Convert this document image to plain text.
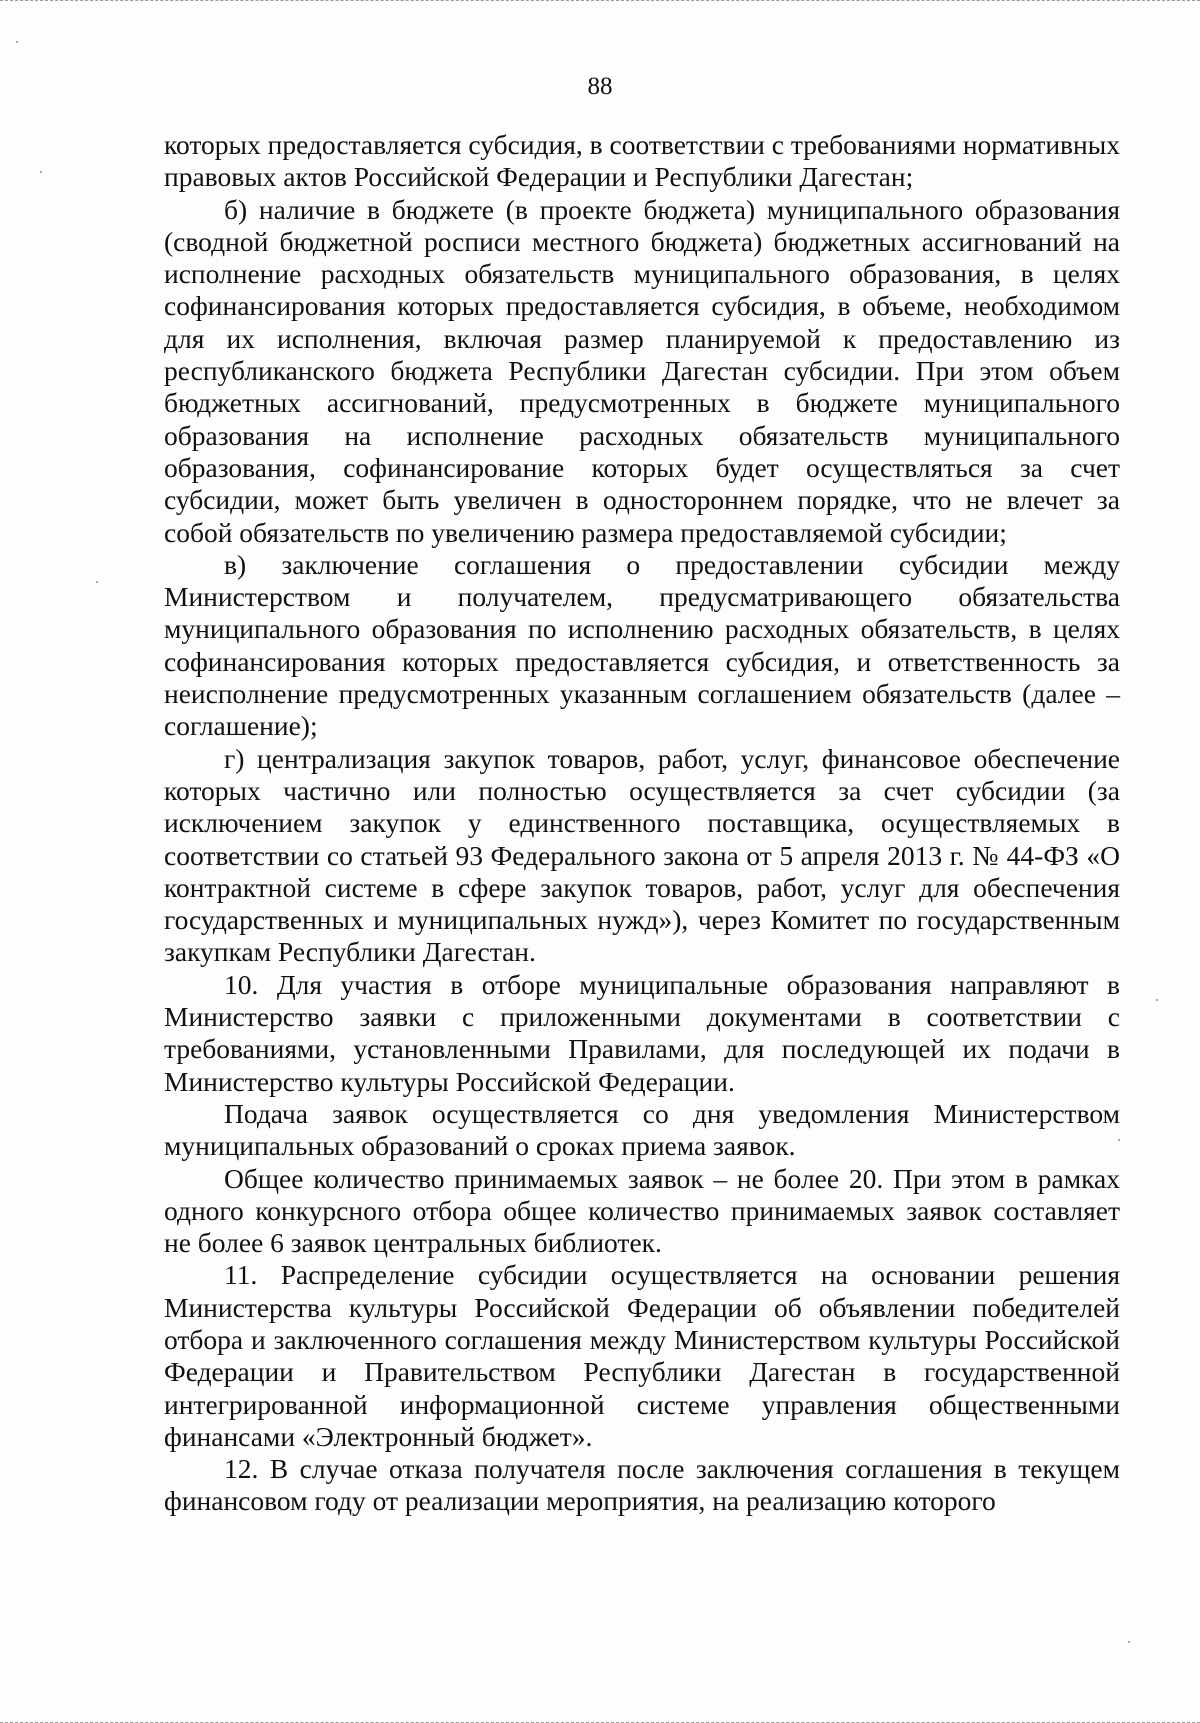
88

которых предоставляется субсидия, в соответствии с требованиями нормативных правовых актов Российской Федерации и Республики Дагестан;

б) наличие в бюджете (в проекте бюджета) муниципального образования (сводной бюджетной росписи местного бюджета) бюджетных ассигнований на исполнение расходных обязательств муниципального образования, в целях софинансирования которых предоставляется субсидия, в объеме, необходимом для их исполнения, включая размер планируемой к предоставлению из республиканского бюджета Республики Дагестан субсидии. При этом объем бюджетных ассигнований, предусмотренных в бюджете муниципального образования на исполнение расходных обязательств муниципального образования, софинансирование которых будет осуществляться за счет субсидии, может быть увеличен в одностороннем порядке, что не влечет за собой обязательств по увеличению размера предоставляемой субсидии;

в) заключение соглашения о предоставлении субсидии между Министерством и получателем, предусматривающего обязательства муниципального образования по исполнению расходных обязательств, в целях софинансирования которых предоставляется субсидия, и ответственность за неисполнение предусмотренных указанным соглашением обязательств (далее – соглашение);

г) централизация закупок товаров, работ, услуг, финансовое обеспечение которых частично или полностью осуществляется за счет субсидии (за исключением закупок у единственного поставщика, осуществляемых в соответствии со статьей 93 Федерального закона от 5 апреля 2013 г. № 44-ФЗ «О контрактной системе в сфере закупок товаров, работ, услуг для обеспечения государственных и муниципальных нужд»), через Комитет по государственным закупкам Республики Дагестан.

10. Для участия в отборе муниципальные образования направляют в Министерство заявки с приложенными документами в соответствии с требованиями, установленными Правилами, для последующей их подачи в Министерство культуры Российской Федерации.

Подача заявок осуществляется со дня уведомления Министерством муниципальных образований о сроках приема заявок.

Общее количество принимаемых заявок – не более 20. При этом в рамках одного конкурсного отбора общее количество принимаемых заявок составляет не более 6 заявок центральных библиотек.

11. Распределение субсидии осуществляется на основании решения Министерства культуры Российской Федерации об объявлении победителей отбора и заключенного соглашения между Министерством культуры Российской Федерации и Правительством Республики Дагестан в государственной интегрированной информационной системе управления общественными финансами «Электронный бюджет».

12. В случае отказа получателя после заключения соглашения в текущем финансовом году от реализации мероприятия, на реализацию которого
